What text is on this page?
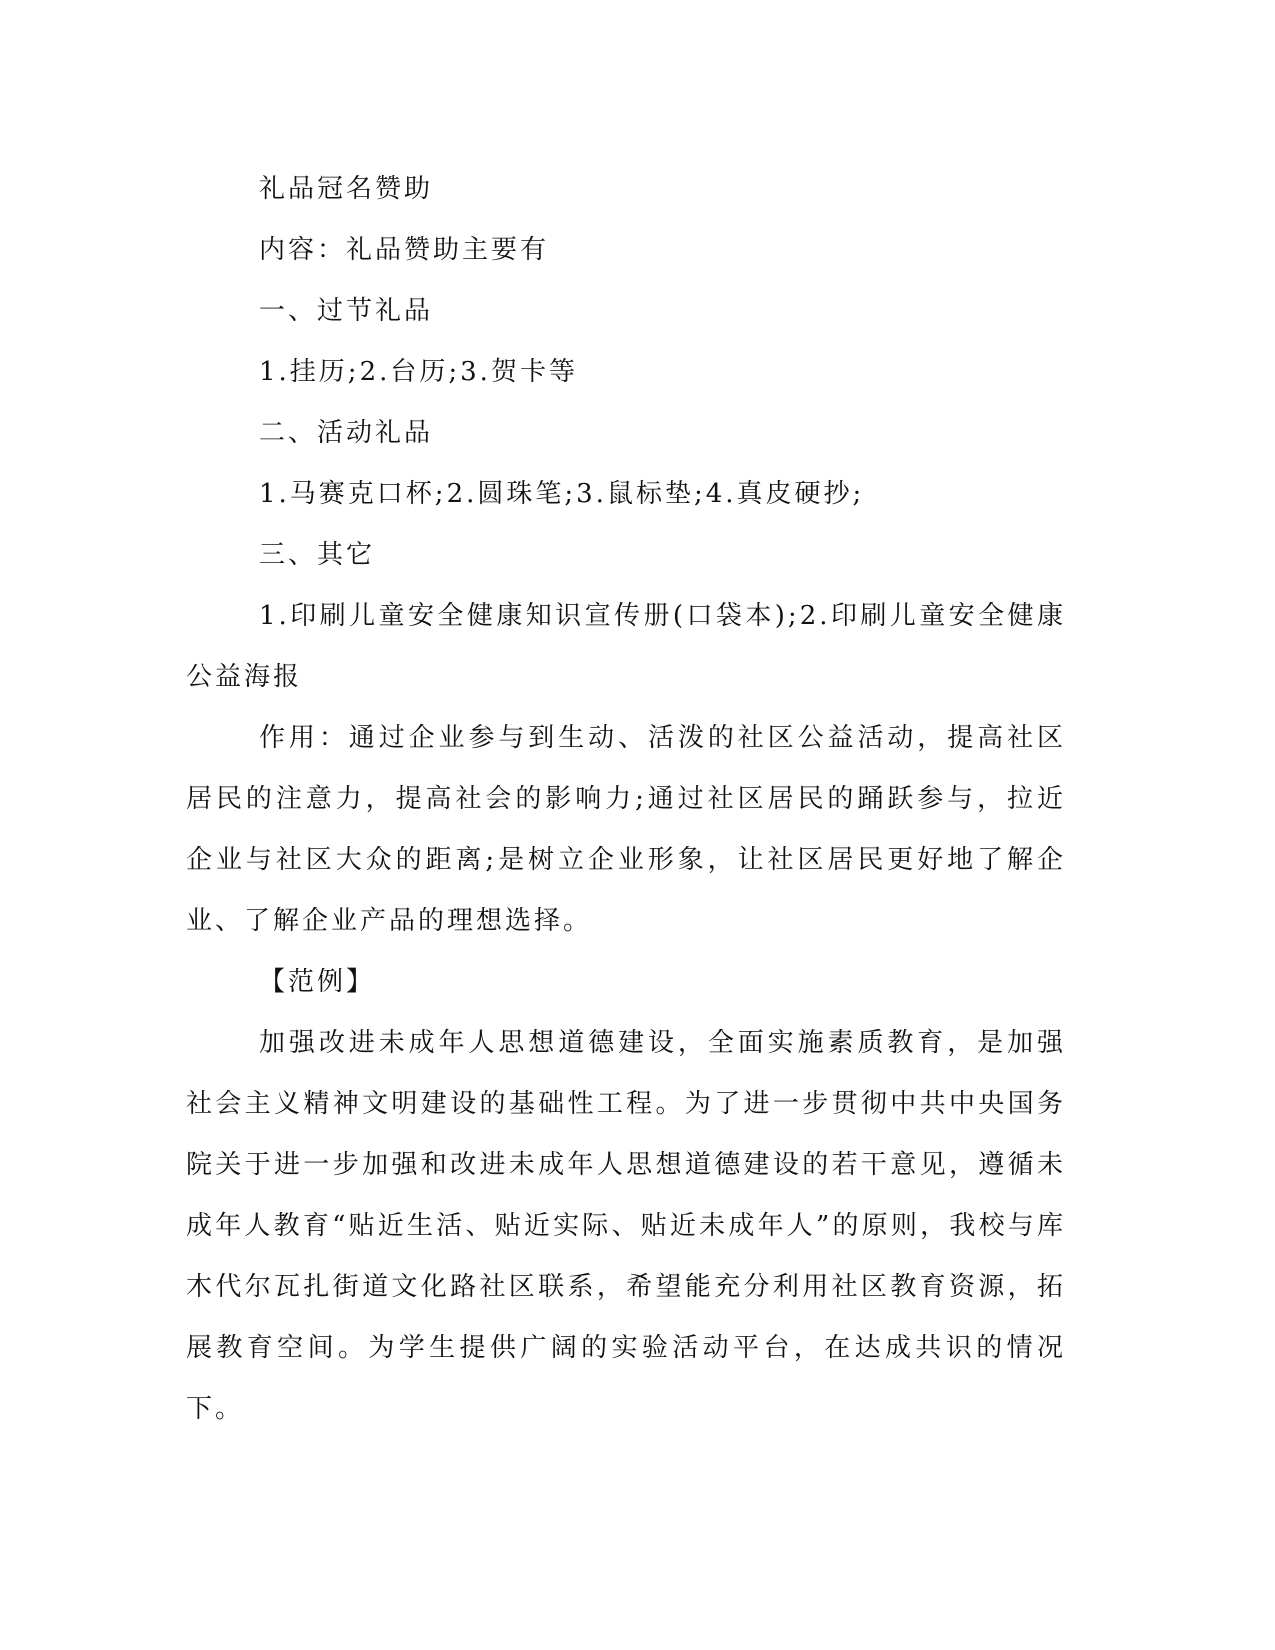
礼品冠名赞助
内容：礼品赞助主要有
一、过节礼品
1.挂历;2.台历;3.贺卡等
二、活动礼品
1.马赛克口杯;2.圆珠笔;3.鼠标垫;4.真皮硬抄;
三、其它

1.印刷儿童安全健康知识宣传册(口袋本);2.印刷儿童安全健康公益海报

作用：通过企业参与到生动、活泼的社区公益活动，提高社区居民的注意力，提高社会的影响力;通过社区居民的踊跃参与，拉近企业与社区大众的距离;是树立企业形象，让社区居民更好地了解企业、了解企业产品的理想选择。

【范例】

加强改进未成年人思想道德建设，全面实施素质教育，是加强社会主义精神文明建设的基础性工程。为了进一步贯彻中共中央国务院关于进一步加强和改进未成年人思想道德建设的若干意见，遵循未成年人教育“贴近生活、贴近实际、贴近未成年人”的原则，我校与库木代尔瓦扎街道文化路社区联系，希望能充分利用社区教育资源，拓展教育空间。为学生提供广阔的实验活动平台，在达成共识的情况下。
